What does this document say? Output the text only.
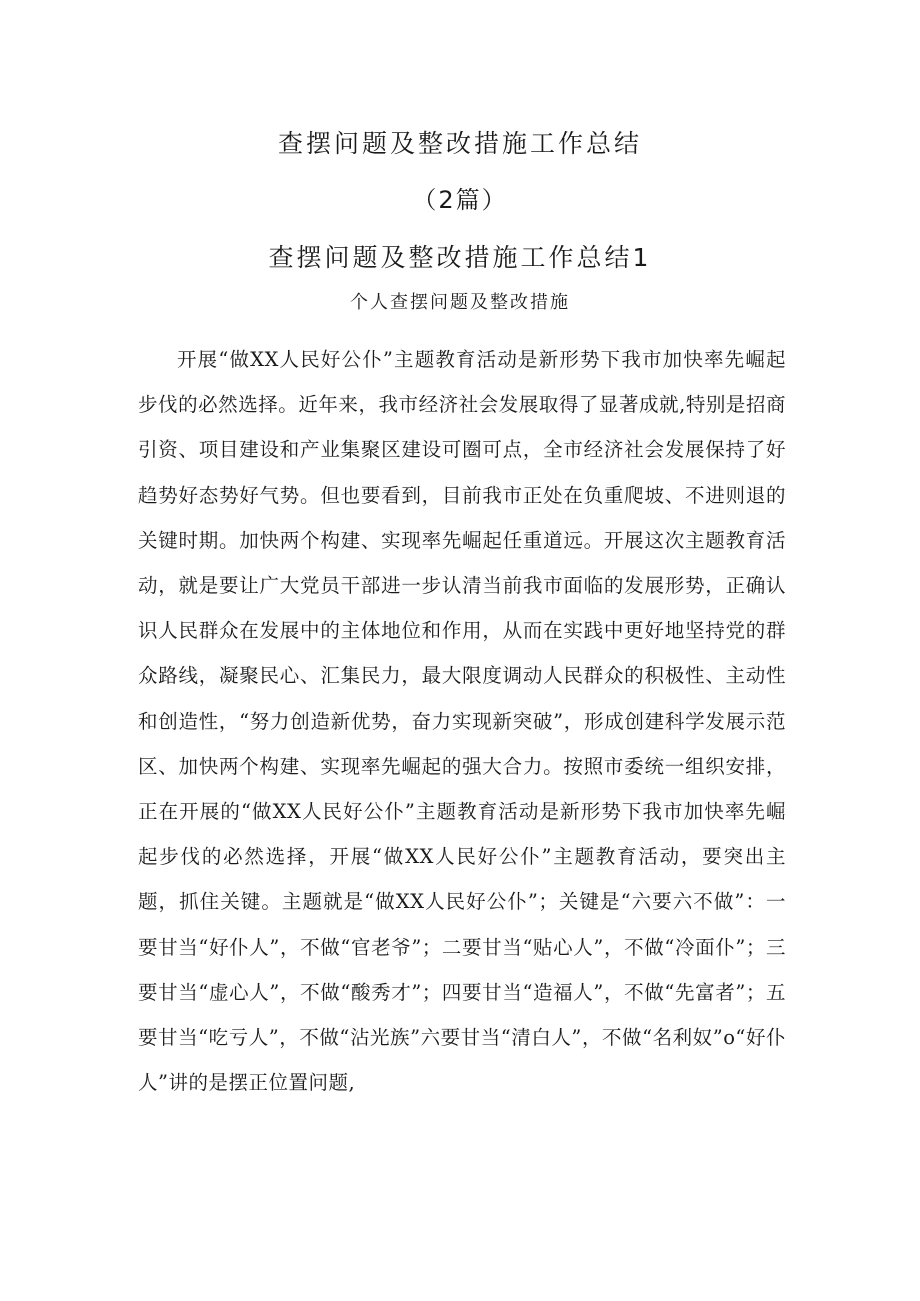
查摆问题及整改措施工作总结
（2篇）
查摆问题及整改措施工作总结1
个人查摆问题及整改措施

开展“做XX人民好公仆”主题教育活动是新形势下我市加快率先崛起步伐的必然选择。近年来，我市经济社会发展取得了显著成就,特别是招商引资、项目建设和产业集聚区建设可圈可点，全市经济社会发展保持了好趋势好态势好气势。但也要看到，目前我市正处在负重爬坡、不进则退的关键时期。加快两个构建、实现率先崛起任重道远。开展这次主题教育活动，就是要让广大党员干部进一步认清当前我市面临的发展形势，正确认识人民群众在发展中的主体地位和作用，从而在实践中更好地坚持党的群众路线，凝聚民心、汇集民力，最大限度调动人民群众的积极性、主动性和创造性，“努力创造新优势，奋力实现新突破”，形成创建科学发展示范区、加快两个构建、实现率先崛起的强大合力。按照市委统一组织安排，正在开展的“做XX人民好公仆”主题教育活动是新形势下我市加快率先崛起步伐的必然选择，开展“做XX人民好公仆”主题教育活动，要突出主题，抓住关键。主题就是“做XX人民好公仆”；关键是“六要六不做”：一要甘当“好仆人”，不做“官老爷”；二要甘当“贴心人”，不做“冷面仆”；三要甘当“虚心人”，不做“酸秀才”；四要甘当“造福人”，不做“先富者”；五要甘当“吃亏人”，不做“沾光族”六要甘当“清白人”，不做“名利奴”o“好仆人”讲的是摆正位置问题,
